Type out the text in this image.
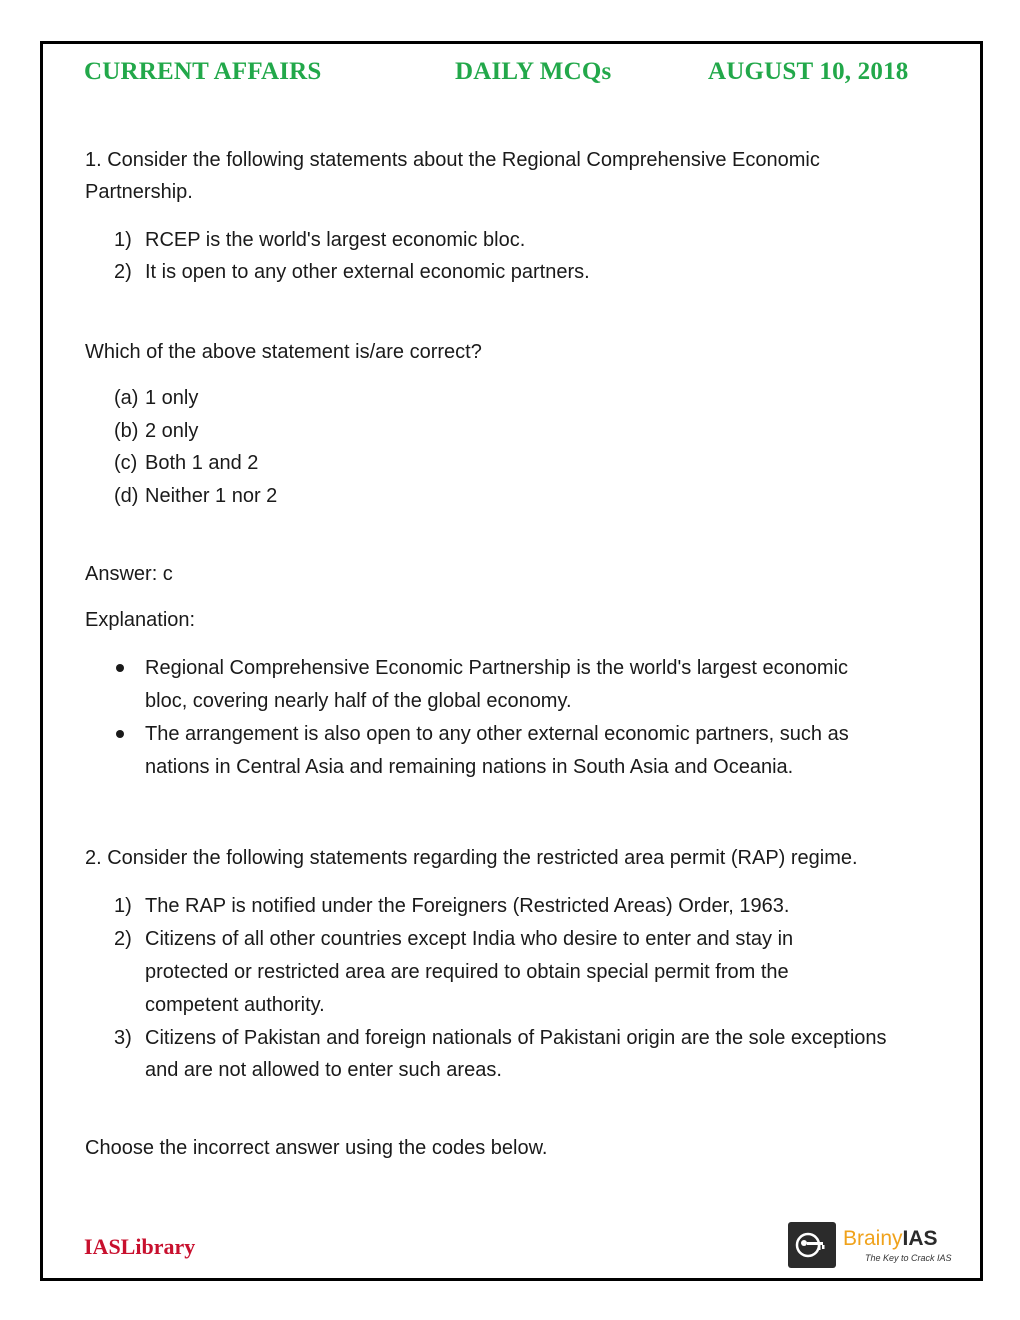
CURRENT AFFAIRS	DAILY MCQs	AUGUST 10, 2018
1. Consider the following statements about the Regional Comprehensive Economic
Partnership.
1) RCEP is the world's largest economic bloc.
2) It is open to any other external economic partners.
Which of the above statement is/are correct?
(a) 1 only
(b) 2 only
(c) Both 1 and 2
(d) Neither 1 nor 2
Answer: c
Explanation:
Regional Comprehensive Economic Partnership is the world's largest economic
bloc, covering nearly half of the global economy.
The arrangement is also open to any other external economic partners, such as
nations in Central Asia and remaining nations in South Asia and Oceania.
2. Consider the following statements regarding the restricted area permit (RAP) regime.
1) The RAP is notified under the Foreigners (Restricted Areas) Order, 1963.
2) Citizens of all other countries except India who desire to enter and stay in
protected or restricted area are required to obtain special permit from the
competent authority.
3) Citizens of Pakistan and foreign nationals of Pakistani origin are the sole exceptions
and are not allowed to enter such areas.
Choose the incorrect answer using the codes below.
IASLibrary	BrainyIAS
The Key to Crack IAS
